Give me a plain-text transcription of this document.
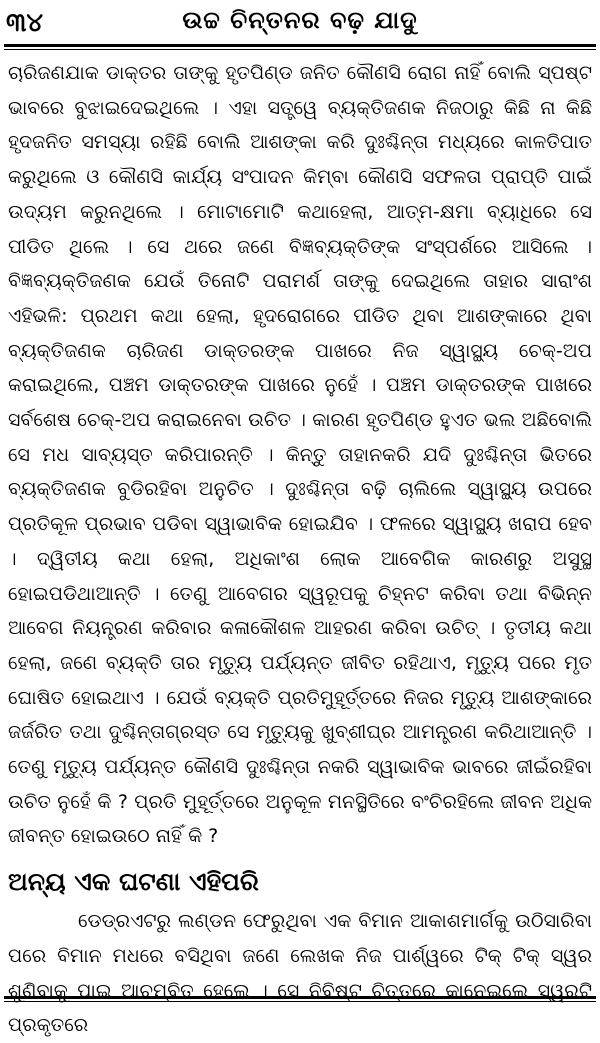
୩୪	ଉଚ୍ଚ ଚିନ୍ତନର ବଢ଼ ଯାଦୁ

ଚାରିଜଣଯାକ ଡାକ୍ତର ତାଙ୍କୁ ହୃତପିଣ୍ଡ ଜନିତ କୌଣସି ରୋଗ ନାହିଁ ବୋଲି ସ୍ପଷ୍ଟ ଭାବରେ ବୁଝାଇଦେଇଥିଲେ । ଏହା ସତ୍ତ୍ୱେ ବ୍ୟକ୍ତିଜଣକ ନିଜଠାରୁ କିଛି ନା କିଛି ହୃଦଜନିତ ସମସ୍ୟା ରହିଛି ବୋଲି ଆଶଙ୍କା କରି ଦୁଃଶ୍ଚିନ୍ତା ମଧ୍ୟରେ କାଳତିପାତ କରୁଥିଲେ ଓ କୌଣସି କାର୍ଯ୍ୟ ସଂପାଦନ କିମ୍ବା କୌଣସି ସଫଳତା ପ୍ରାପ୍ତି ପାଇଁ ଉଦ୍ୟମ କରୁନଥିଲେ । ମୋଟାମୋଟି କଥାହେଲା, ଆତ୍ମ-କ୍ଷମା ବ୍ୟାଧିରେ ସେ ପୀଡିତ ଥିଲେ । ସେ ଥରେ ଜଣେ ବିଜ୍ଞବ୍ୟକ୍ତିଙ୍କ ସଂସ୍ପର୍ଶରେ ଆସିଲେ । ବିଜ୍ଞବ୍ୟକ୍ତିଜଣକ ଯେଉଁ ତିନୋଟି ପରାମର୍ଶ ତାଙ୍କୁ ଦେଇଥିଲେ ତାହାର ସାରାଂଶ ଏହିଭଳି: ପ୍ରଥମ କଥା ହେଲା, ହୃଦରୋଗରେ ପୀଡିତ ଥିବା ଆଶଙ୍କାରେ ଥିବା ବ୍ୟକ୍ତିଜଣକ ଚାରିଜଣ ଡାକ୍ତରଙ୍କ ପାଖରେ ନିଜ ସ୍ୱାସ୍ଥ୍ୟ ଚେକ୍-ଅପ କରାଇଥିଲେ, ପଞ୍ଚମ ଡାକ୍ତରଙ୍କ ପାଖରେ ନୁହେଁ । ପଞ୍ଚମ ଡାକ୍ତରଙ୍କ ପାଖରେ ସର୍ବଶେଷ ଚେକ୍-ଅପ କରାଇନେବା ଉଚିତ । କାରଣ ହୃତପିଣ୍ଡ ହୁଏତ ଭଲ ଅଛିବୋଲି ସେ ମଧ ସାବ୍ୟସ୍ତ କରିପାରନ୍ତି । କିନ୍ତୁ ତାହାନକରି ଯଦି ଦୁଃଶ୍ଚିନ୍ତା ଭିତରେ ବ୍ୟକ୍ତିଜଣକ ବୁଡିରହିବା ଅନୁଚିତ । ଦୁଃଶ୍ଚିନ୍ତା ବଢ଼ି ଚାଲିଲେ ସ୍ୱାସ୍ଥ୍ୟ ଉପରେ ପ୍ରତିକୂଳ ପ୍ରଭାବ ପଡିବା ସ୍ୱାଭାବିକ ହୋଇଯିବ । ଫଳରେ ସ୍ୱାସ୍ଥ୍ୟ ଖରାପ ହେବ । ଦ୍ୱିତୀୟ କଥା ହେଲା, ଅଧିକାଂଶ ଲୋକ ଆବେଗିକ କାରଣରୁ ଅସୁସ୍ଥ ହୋଇପଡିଥାଆନ୍ତି । ତେଣୁ ଆବେଗର ସ୍ୱରୂପକୁ ଚିହ୍ନଟ କରିବା ତଥା ବିଭିନ୍ନ ଆବେଗ ନିୟନ୍ତ୍ରଣ କରିବାର କଳାକୌଶଳ ଆହରଣ କରିବା ଉଚିତ୍ । ତୃତୀୟ କଥା ହେଲା, ଜଣେ ବ୍ୟକ୍ତି ତାର ମୃତ୍ୟୁ ପର୍ଯ୍ୟନ୍ତ ଜୀବିତ ରହିଥାଏ, ମୃତ୍ୟୁ ପରେ ମୃତ ଘୋଷିତ ହୋଇଥାଏ । ଯେଉଁ ବ୍ୟକ୍ତି ପ୍ରତିମୁହୂର୍ତ୍ତରେ ନିଜର ମୃତ୍ୟୁ ଆଶଙ୍କାରେ ଜର୍ଜରିତ ତଥା ଦୁଶ୍ଚିନ୍ତାଗ୍ରସ୍ତ ସେ ମୃତ୍ୟୁକୁ ଖୁବ୍‌ଶୀଘ୍ର ଆମନ୍ତ୍ରଣ କରିଥାଆନ୍ତି । ତେଣୁ ମୃତ୍ୟୁ ପର୍ଯ୍ୟନ୍ତ କୌଣସି ଦୁଃଶ୍ଚିନ୍ତା ନକରି ସ୍ୱାଭାବିକ ଭାବରେ ଜୀଇଁରହିବା ଉଚିତ ନୁହେଁ କି ? ପ୍ରତି ମୁହୂର୍ତ୍ତରେ ଅନୁକୂଳ ମନସ୍ଥିତିରେ ବଂଚିରହିଲେ ଜୀବନ ଅଧିକ ଜୀବନ୍ତ ହୋଇଉଠେ ନାହିଁ କି ?

ଅନ୍ୟ ଏକ ଘଟଣା ଏହିପରି

ଡେଡ୍‌ରଏଟରୁ ଲଣ୍ଡନ ଫେରୁଥିବା ଏକ ବିମାନ ଆକାଶମାର୍ଗକୁ ଉଠିସାରିବା ପରେ ବିମାନ ମଧରେ ବସିଥିବା ଜଣେ ଲେଖକ ନିଜ ପାର୍ଶ୍ୱରେ ଟିକ୍ ଟିକ୍ ସ୍ୱର ଶୁଣିବାକୁ ପାଇ ଆଚମ୍ବିତ ହେଲେ । ସେ ନିବିଷ୍ଟ ଚିତ୍ତରେ କାନେଇଲେ ସ୍ୱରଟି ପ୍ରକୃତରେ
